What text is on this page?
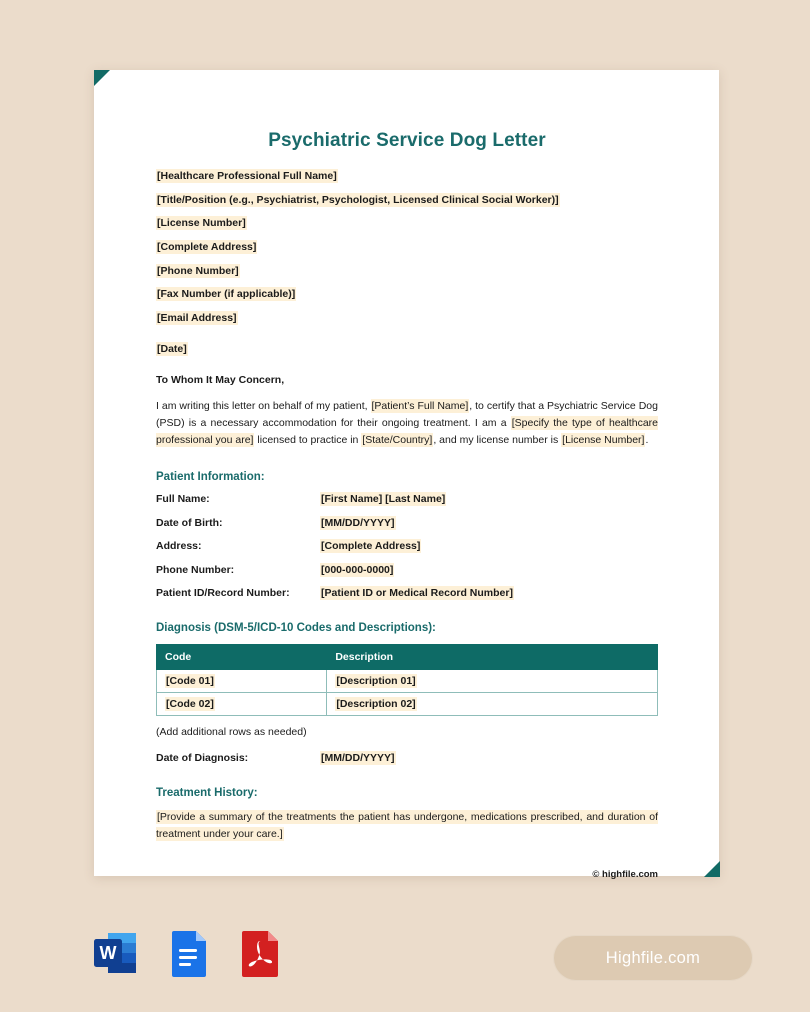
Psychiatric Service Dog Letter
[Healthcare Professional Full Name]
[Title/Position (e.g., Psychiatrist, Psychologist, Licensed Clinical Social Worker)]
[License Number]
[Complete Address]
[Phone Number]
[Fax Number (if applicable)]
[Email Address]
[Date]
To Whom It May Concern,
I am writing this letter on behalf of my patient, [Patient’s Full Name], to certify that a Psychiatric Service Dog (PSD) is a necessary accommodation for their ongoing treatment. I am a [Specify the type of healthcare professional you are] licensed to practice in [State/Country], and my license number is [License Number].
Patient Information:
Full Name:	[First Name] [Last Name]
Date of Birth:	[MM/DD/YYYY]
Address:	[Complete Address]
Phone Number:	[000-000-0000]
Patient ID/Record Number:	[Patient ID or Medical Record Number]
Diagnosis (DSM-5/ICD-10 Codes and Descriptions):
Code	Description
[Code 01]	[Description 01]
[Code 02]	[Description 02]
(Add additional rows as needed)
Date of Diagnosis:	[MM/DD/YYYY]
Treatment History:
[Provide a summary of the treatments the patient has undergone, medications prescribed, and duration of treatment under your care.]
© highfile.com
W	Highfile.com
